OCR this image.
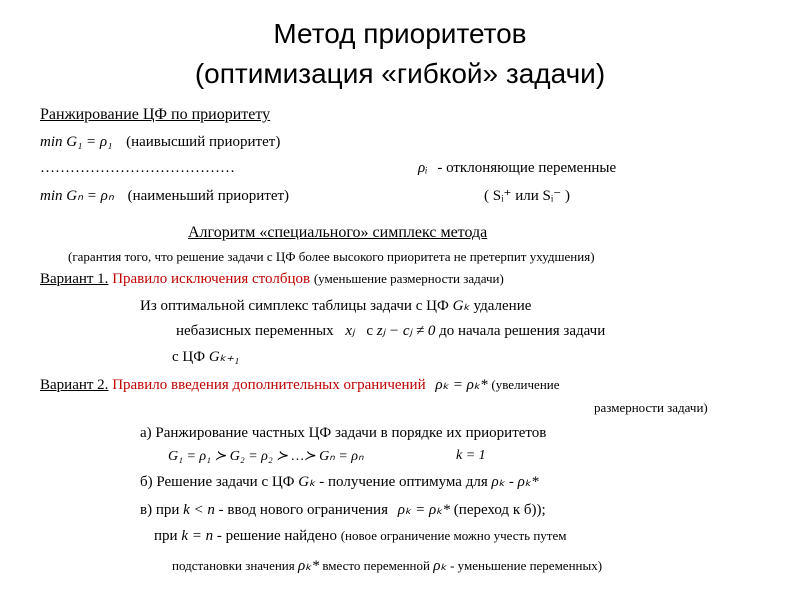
Метод приоритетов
(оптимизация «гибкой» задачи)
Ранжирование ЦФ по приоритету
min G₁ = ρ₁ (наивысший приоритет)
…………………………………	ρᵢ - отклоняющие переменные
min Gₙ = ρₙ (наименьший приоритет)	( Sᵢ⁺ или Sᵢ⁻ )
Алгоритм «специального» симплекс метода
(гарантия того, что решение задачи с ЦФ более высокого приоритета не претерпит ухудшения)
Вариант 1. Правило исключения столбцов (уменьшение размерности задачи)
Из оптимальной симплекс таблицы задачи с ЦФ Gₖ удаление
небазисных переменных xⱼ с zⱼ − cⱼ ≠ 0 до начала решения задачи
с ЦФ Gₖ₊₁
Вариант 2. Правило введения дополнительных ограничений ρₖ = ρₖ* (увеличение
размерности задачи)
а) Ранжирование частных ЦФ задачи в порядке их приоритетов
G₁ = ρ₁ ≻ G₂ = ρ₂ ≻ …≻ Gₙ = ρₙ	k = 1
б) Решение задачи с ЦФ Gₖ - получение оптимума для ρₖ - ρₖ*
в) при k < n - ввод нового ограничения ρₖ = ρₖ* (переход к б));
при k = n - решение найдено (новое ограничение можно учесть путем
подстановки значения ρₖ* вместо переменной ρₖ - уменьшение переменных)
